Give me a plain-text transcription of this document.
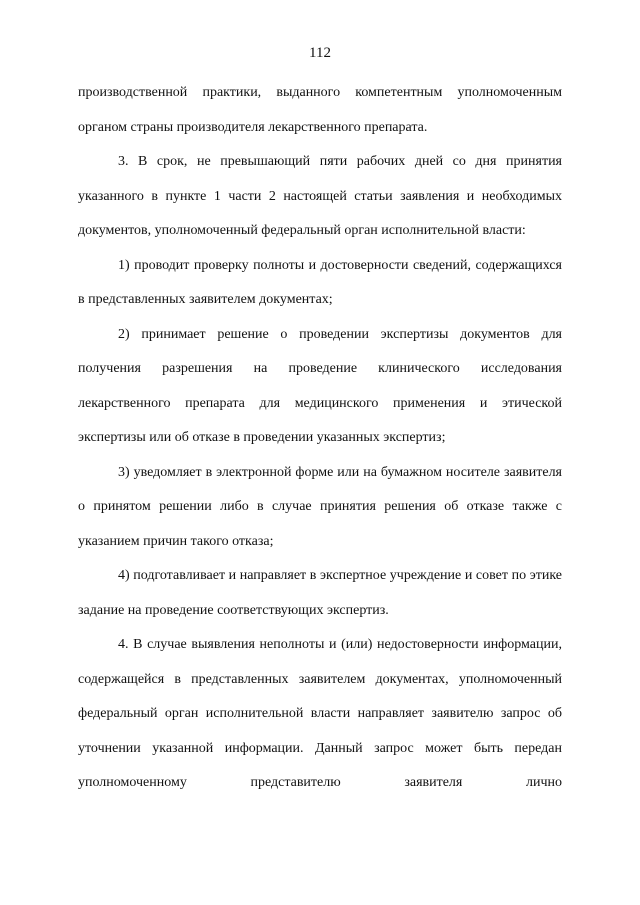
112

производственной практики, выданного компетентным уполномоченным органом страны производителя лекарственного препарата.

3. В срок, не превышающий пяти рабочих дней со дня принятия указанного в пункте 1 части 2 настоящей статьи заявления и необходимых документов, уполномоченный федеральный орган исполнительной власти:

1) проводит проверку полноты и достоверности сведений, содержащихся в представленных заявителем документах;

2) принимает решение о проведении экспертизы документов для получения разрешения на проведение клинического исследования лекарственного препарата для медицинского применения и этической экспертизы или об отказе в проведении указанных экспертиз;

3) уведомляет в электронной форме или на бумажном носителе заявителя о принятом решении либо в случае принятия решения об отказе также с указанием причин такого отказа;

4) подготавливает и направляет в экспертное учреждение и совет по этике задание на проведение соответствующих экспертиз.

4. В случае выявления неполноты и (или) недостоверности информации, содержащейся в представленных заявителем документах, уполномоченный федеральный орган исполнительной власти направляет заявителю запрос об уточнении указанной информации. Данный запрос может быть передан уполномоченному представителю заявителя лично
